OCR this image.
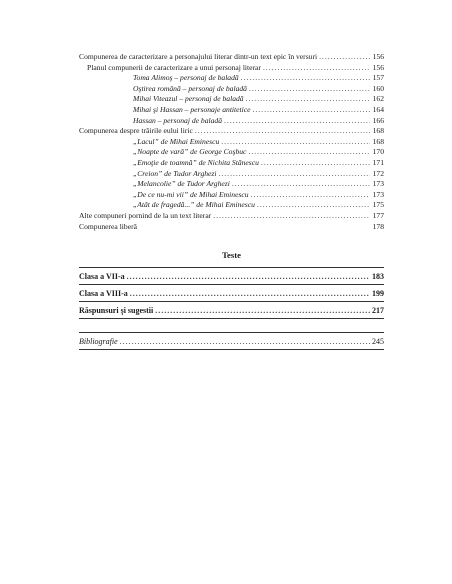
Compunerea de caracterizare a personajului literar dintr-un text epic în versuri .....	156
Planul compunerii de caracterizare a unui personaj literar .....	156
Toma Alimoş – personaj de baladă .....	157
Oştirea română – personaj de baladă .....	160
Mihai Viteazul – personaj de baladă .....	162
Mihai şi Hassan – personaje antitetice .....	164
Hassan – personaj de baladă .....	166
Compunerea despre trăirile eului liric .....	168
„Lacul” de Mihai Eminescu .....	168
„Noapte de vară” de George Coşbuc .....	170
„Emoţie de toamnă” de Nichita Stănescu .....	171
„Creion” de Tudor Arghezi .....	172
„Melancolie” de Tudor Arghezi .....	173
„De ce nu-mi vii” de Mihai Eminescu .....	173
„Atât de fragedă...” de Mihai Eminescu .....	175
Alte compuneri pornind de la un text literar .....	177
Compunerea liberă	178
Teste
Clasa a VII-a .....	183
Clasa a VIII-a .....	199
Răspunsuri şi sugestii .....	217
Bibliografie .....	245
